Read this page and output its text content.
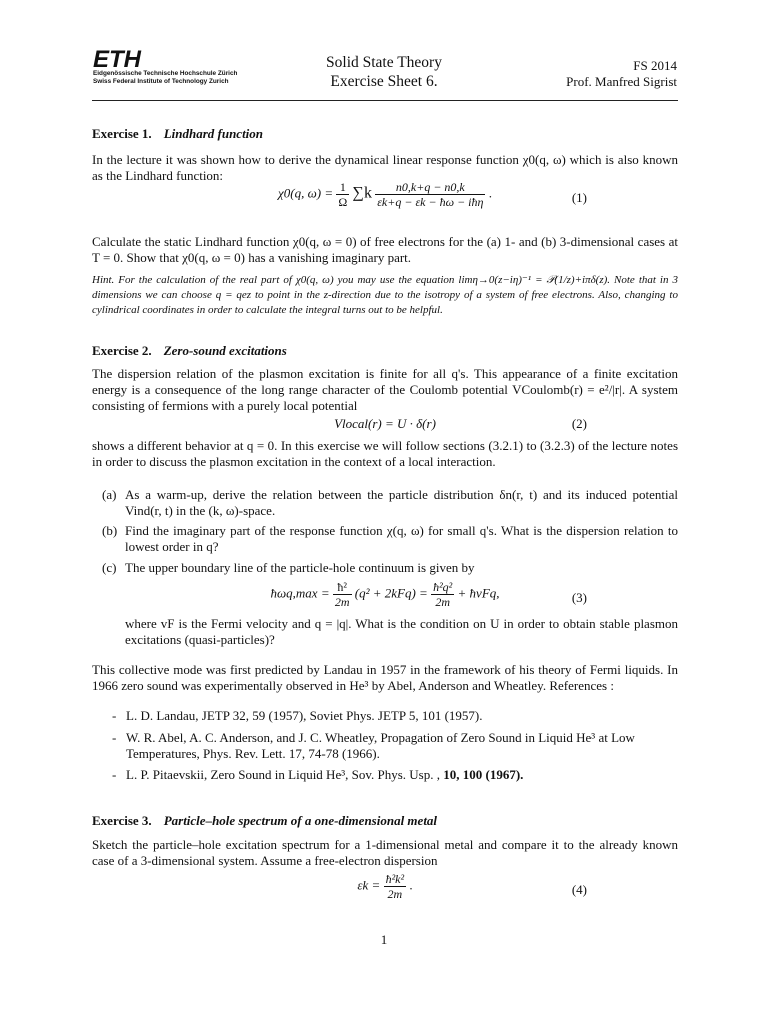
ETH
Eidgenössische Technische Hochschule Zürich
Swiss Federal Institute of Technology Zurich
Solid State Theory
Exercise Sheet 6.
FS 2014
Prof. Manfred Sigrist
Exercise 1. Lindhard function
In the lecture it was shown how to derive the dynamical linear response function χ0(q, ω) which is also known as the Lindhard function:
χ0(q, $\omega) = \frac{1}{\Omega} \sum k \frac{n0,k+q - n0,k}{\text{εk+q − εk − ħω − iħη}}$ .	(1)
Calculate the static Lindhard function χ0(q, ω = 0) of free electrons for the (a) 1- and (b) 3-dimensional cases at T = 0. Show that χ0(q, ω = 0) has a vanishing imaginary part.
Hint. For the calculation of the real part of χ0(q, ω) you may use the equation limη→0(z−iη)⁻¹ = 𝒫(1/z)+iπδ(z). Note that in 3 dimensions we can choose q = qez to point in the z-direction due to the isotropy of a system of free electrons. Also, changing to cylindrical coordinates in order to calculate the integral turns out to be helpful.
Exercise 2. Zero-sound excitations
The dispersion relation of the plasmon excitation is finite for all q's. This appearance of a finite excitation energy is a consequence of the long range character of the Coulomb potential VCoulomb(r) = e²/|r|. A system consisting of fermions with a purely local potential
Vlocal(r) = U · δ(r)	(2)
shows a different behavior at q = 0. In this exercise we will follow sections (3.2.1) to (3.2.3) of the lecture notes in order to discuss the plasmon excitation in the context of a local interaction.
(a) As a warm-up, derive the relation between the particle distribution δn(r, t) and its induced potential Vind(r, t) in the (k, ω)-space.
(b) Find the imaginary part of the response function χ(q, ω) for small q's. What is the dispersion relation to lowest order in q?
(c) The upper boundary line of the particle-hole continuum is given by
ħωq,max = $\frac{\text{ħ²}}{2m} (q^2 + 2kFq) = \frac{\text{ħ²q²}}{2m}$ + ħvFq,	(3)
where vF is the Fermi velocity and q = |q|. What is the condition on U in order to obtain stable plasmon excitations (quasi-particles)?
This collective mode was first predicted by Landau in 1957 in the framework of his theory of Fermi liquids. In 1966 zero sound was experimentally observed in He³ by Abel, Anderson and Wheatley. References :
- L. D. Landau, JETP 32, 59 (1957), Soviet Phys. JETP 5, 101 (1957).
- W. R. Abel, A. C. Anderson, and J. C. Wheatley, Propagation of Zero Sound in Liquid He³ at Low Temperatures, Phys. Rev. Lett. 17, 74-78 (1966).
- L. P. Pitaevskii, Zero Sound in Liquid He³, Sov. Phys. Usp. , 10, 100 (1967).
Exercise 3. Particle–hole spectrum of a one-dimensional metal
Sketch the particle–hole excitation spectrum for a 1-dimensional metal and compare it to the already known case of a 3-dimensional system. Assume a free-electron dispersion
$\varepsilon k = \frac{\text{ħ²k²}}{2m}$ .	(4)
1
